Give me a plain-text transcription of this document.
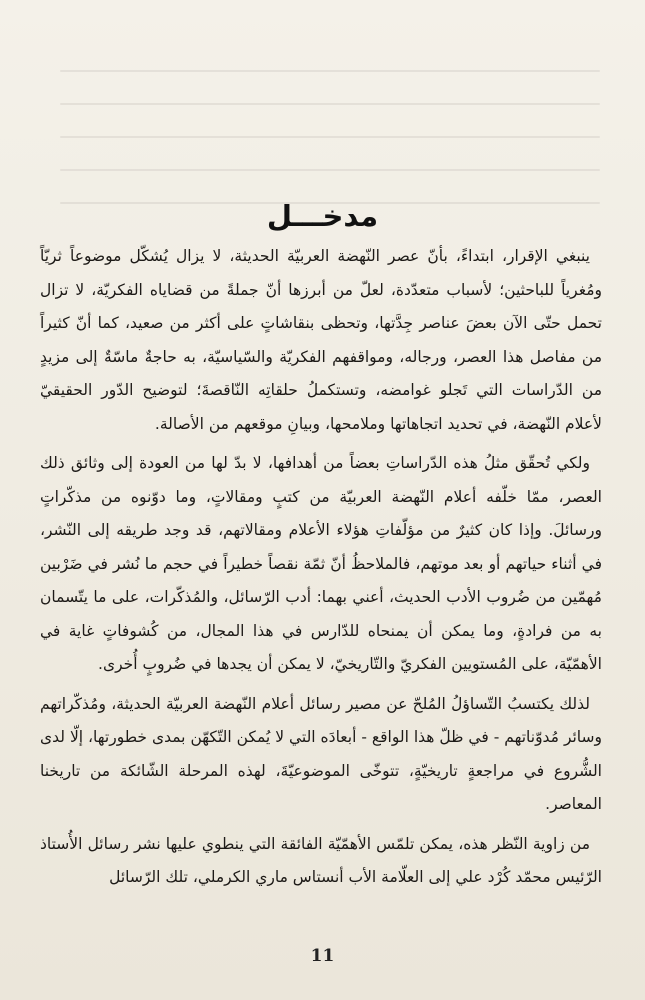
مدخـــل

ينبغي الإقرار، ابتداءً، بأنّ عصر النّهضة العربيّة الحديثة، لا يزال يُشكّل موضوعاً ثريّاً ومُغرياً للباحثين؛ لأسباب متعدّدة، لعلّ من أبرزها أنّ جملةً من قضاياه الفكريّة، لا تزال تحمل حتّى الآن بعضَ عناصر جِدَّتها، وتحظى بنقاشاتٍ على أكثر من صعيد، كما أنّ كثيراً من مفاصل هذا العصر، ورجاله، ومواقفهم الفكريّة والسّياسيّة، به حاجةٌ ماسّةٌ إلى مزيدٍ من الدّراسات التي تَجلو غوامضه، وتستكملُ حلقاتِه النّاقصةَ؛ لتوضيح الدّور الحقيقيّ لأعلام النّهضة، في تحديد اتجاهاتها وملامحها، وبيانِ موقعهم من الأصالة.

ولكي تُحقّق مثلُ هذه الدّراساتِ بعضاً من أهدافها، لا بدّ لها من العودة إلى وثائق ذلك العصر، ممّا خلّفه أعلام النّهضة العربيّة من كتبٍ ومقالاتٍ، وما دوّنوه من مذكّراتٍ ورسائلَ. وإذا كان كثيرٌ من مؤلّفاتِ هؤلاء الأعلام ومقالاتهم، قد وجد طريقه إلى النّشر، في أثناء حياتهم أو بعد موتهم، فالملاحظُ أنّ ثمّة نقصاً خطيراً في حجم ما نُشر في ضَرْبين مُهمّين من ضُروب الأدب الحديث، أعني بهما: أدب الرّسائل، والمُذكّرات، على ما يتّسمان به من فرادةٍ، وما يمكن أن يمنحاه للدّارس في هذا المجال، من كُشوفاتٍ غاية في الأهمّيّة، على المُستويين الفكريّ والتّاريخيّ، لا يمكن أن يجدها في ضُروبٍ أُخرى.

لذلك يكتسبُ التّساؤلُ المُلحّ عن مصير رسائل أعلام النّهضة العربيّة الحديثة، ومُذكّراتهم وسائر مُدوّناتهم - في ظلّ هذا الواقع - أبعادَه التي لا يُمكن التّكهّن بمدى خطورتها، إلّا لدى الشُّروع في مراجعةٍ تاريخيّةٍ، تتوخّى الموضوعيّةَ، لهذه المرحلة الشّائكة من تاريخنا المعاصر.

من زاوية النّظر هذه، يمكن تلمّس الأهمّيّة الفائقة التي ينطوي عليها نشر رسائل الأُستاذ الرّئيس محمّد كُرْد علي إلى العلّامة الأب أنستاس ماري الكرملي، تلك الرّسائل

11
